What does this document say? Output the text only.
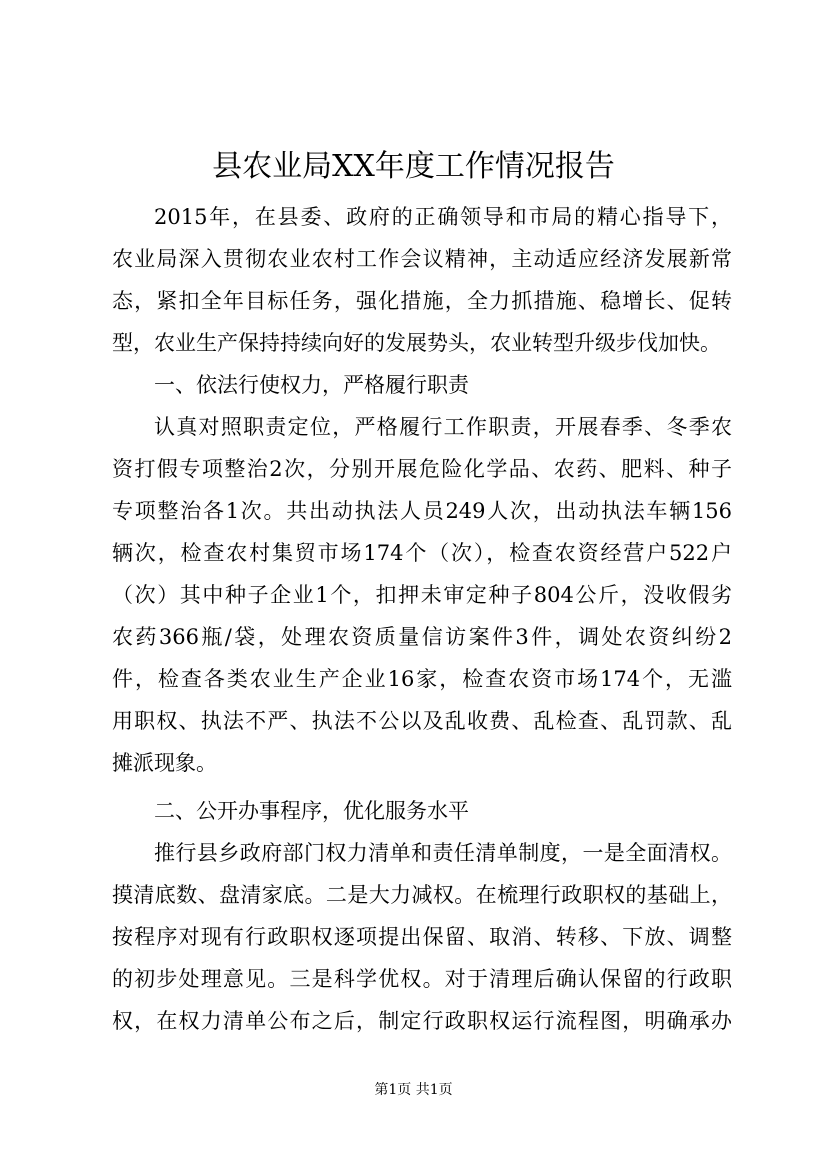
县农业局XX年度工作情况报告
2015年，在县委、政府的正确领导和市局的精心指导下，
农业局深入贯彻农业农村工作会议精神，主动适应经济发展新常
态，紧扣全年目标任务，强化措施，全力抓措施、稳增长、促转
型，农业生产保持持续向好的发展势头，农业转型升级步伐加快。
一、依法行使权力，严格履行职责
认真对照职责定位，严格履行工作职责，开展春季、冬季农
资打假专项整治2次，分别开展危险化学品、农药、肥料、种子
专项整治各1次。共出动执法人员249人次，出动执法车辆156
辆次，检查农村集贸市场174个（次），检查农资经营户522户
（次）其中种子企业1个，扣押未审定种子804公斤，没收假劣
农药366瓶/袋，处理农资质量信访案件3件，调处农资纠纷2
件，检查各类农业生产企业16家，检查农资市场174个，无滥
用职权、执法不严、执法不公以及乱收费、乱检查、乱罚款、乱
摊派现象。
二、公开办事程序，优化服务水平
推行县乡政府部门权力清单和责任清单制度，一是全面清权。
摸清底数、盘清家底。二是大力减权。在梳理行政职权的基础上，
按程序对现有行政职权逐项提出保留、取消、转移、下放、调整
的初步处理意见。三是科学优权。对于清理后确认保留的行政职
权，在权力清单公布之后，制定行政职权运行流程图，明确承办
第1页 共1页
